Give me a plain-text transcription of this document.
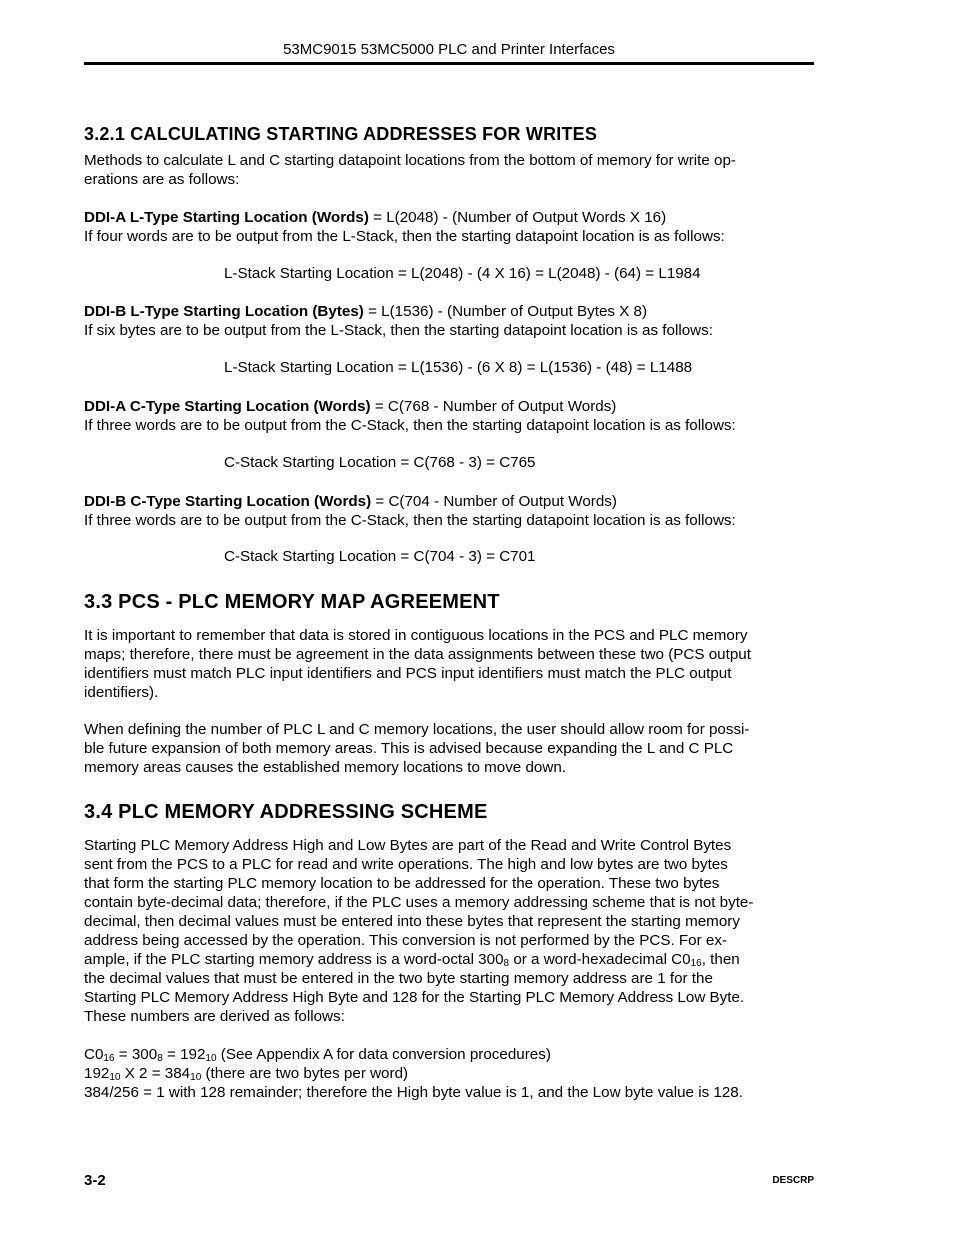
53MC9015 53MC5000 PLC and Printer Interfaces
3.2.1 CALCULATING STARTING ADDRESSES FOR WRITES
Methods to calculate L and C starting datapoint locations from the bottom of memory for write op-
erations are as follows:
DDI-A L-Type Starting Location (Words) = L(2048) - (Number of Output Words X 16)
If four words are to be output from the L-Stack, then the starting datapoint location is as follows:
L-Stack Starting Location = L(2048) - (4 X 16) = L(2048) - (64) = L1984
DDI-B L-Type Starting Location (Bytes) = L(1536) - (Number of Output Bytes X 8)
If six bytes are to be output from the L-Stack, then the starting datapoint location is as follows:
L-Stack Starting Location = L(1536) - (6 X 8) = L(1536) - (48) = L1488
DDI-A C-Type Starting Location (Words) = C(768 - Number of Output Words)
If three words are to be output from the C-Stack, then the starting datapoint location is as follows:
C-Stack Starting Location = C(768 - 3) = C765
DDI-B C-Type Starting Location (Words) = C(704 - Number of Output Words)
If three words are to be output from the C-Stack, then the starting datapoint location is as follows:
C-Stack Starting Location = C(704 - 3) = C701
3.3 PCS - PLC MEMORY MAP AGREEMENT
It is important to remember that data is stored in contiguous locations in the PCS and PLC memory
maps; therefore, there must be agreement in the data assignments between these two (PCS output
identifiers must match PLC input identifiers and PCS input identifiers must match the PLC output
identifiers).
When defining the number of PLC L and C memory locations, the user should allow room for possi-
ble future expansion of both memory areas. This is advised because expanding the L and C PLC
memory areas causes the established memory locations to move down.
3.4 PLC MEMORY ADDRESSING SCHEME
Starting PLC Memory Address High and Low Bytes are part of the Read and Write Control Bytes
sent from the PCS to a PLC for read and write operations. The high and low bytes are two bytes
that form the starting PLC memory location to be addressed for the operation. These two bytes
contain byte-decimal data; therefore, if the PLC uses a memory addressing scheme that is not byte-
decimal, then decimal values must be entered into these bytes that represent the starting memory
address being accessed by the operation. This conversion is not performed by the PCS. For ex-
ample, if the PLC starting memory address is a word-octal $300_8$ or a word-hexadecimal $C0_{16}$, then
the decimal values that must be entered in the two byte starting memory address are 1 for the
Starting PLC Memory Address High Byte and 128 for the Starting PLC Memory Address Low Byte.
These numbers are derived as follows:
$C0_{16} = 300_8 = 192_{10}$ (See Appendix A for data conversion procedures)
$192_{10}$ X $2 = 384_{10}$ (there are two bytes per word)
384/256 = 1 with 128 remainder; therefore the High byte value is 1, and the Low byte value is 128.
3-2	DESCRP
